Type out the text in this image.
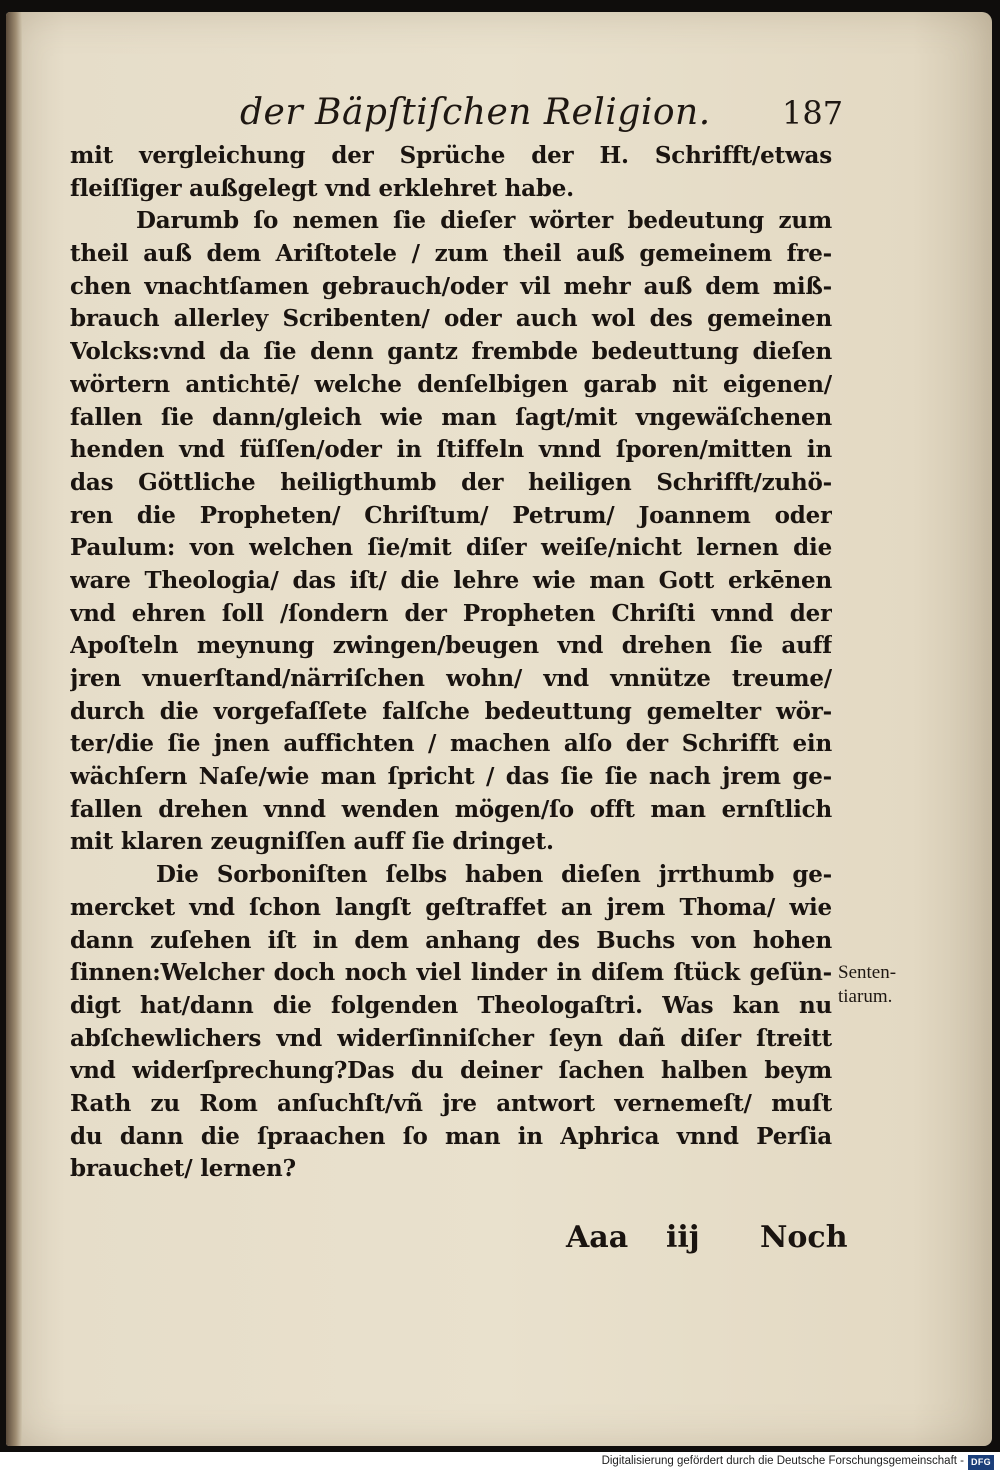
der Bäpſtiſchen Religion. 187
mit vergleichung der Sprüche der H. Schrifft/etwas
fleiſſiger außgelegt vnd erklehret habe.
Darumb ſo nemen ſie dieſer wörter bedeutung zum
theil auß dem Ariſtotele / zum theil auß gemeinem fre-
chen vnachtſamen gebrauch/oder vil mehr auß dem miß-
brauch allerley Scribenten/ oder auch wol des gemeinen
Volcks:vnd da ſie denn gantz frembde bedeuttung dieſen
wörtern antichtē/ welche denſelbigen garab nit eigenen/
fallen ſie dann/gleich wie man ſagt/mit vngewäſchenen
henden vnd füſſen/oder in ſtiffeln vnnd ſporen/mitten in
das Göttliche heiligthumb der heiligen Schrifft/zuhö-
ren die Propheten/ Chriſtum/ Petrum/ Joannem oder
Paulum: von welchen ſie/mit diſer weiſe/nicht lernen die
ware Theologia/ das iſt/ die lehre wie man Gott erkēnen
vnd ehren ſoll /ſondern der Propheten Chriſti vnnd der
Apoſteln meynung zwingen/beugen vnd drehen ſie auff
jren vnuerſtand/närriſchen wohn/ vnd vnnütze treume/
durch die vorgefaſſete falſche bedeuttung gemelter wör-
ter/die ſie jnen auffichten / machen alſo der Schrifft ein
wächſern Naſe/wie man ſpricht / das ſie ſie nach jrem ge-
fallen drehen vnnd wenden mögen/ſo offt man ernſtlich
mit klaren zeugniſſen auff ſie dringet.
Die Sorboniſten ſelbs haben dieſen jrrthumb ge-
mercket vnd ſchon langſt geſtraffet an jrem Thoma/ wie
dann zuſehen iſt in dem anhang des Buchs von hohen
ſinnen:Welcher doch noch viel linder in diſem ſtück geſün-
digt hat/dann die folgenden Theologaſtri. Was kan nu
abſchewlichers vnd widerſinniſcher ſeyn dañ diſer ſtreitt
vnd widerſprechung?Das du deiner ſachen halben beym
Rath zu Rom anſuchſt/vñ jre antwort vernemeſt/ muſt
du dann die ſpraachen ſo man in Aphrica vnnd Perſia
brauchet/ lernen?
Senten-
tiarum.
Aaa iij Noch
Digitalisierung gefördert durch die Deutsche Forschungsgemeinschaft - DFG
